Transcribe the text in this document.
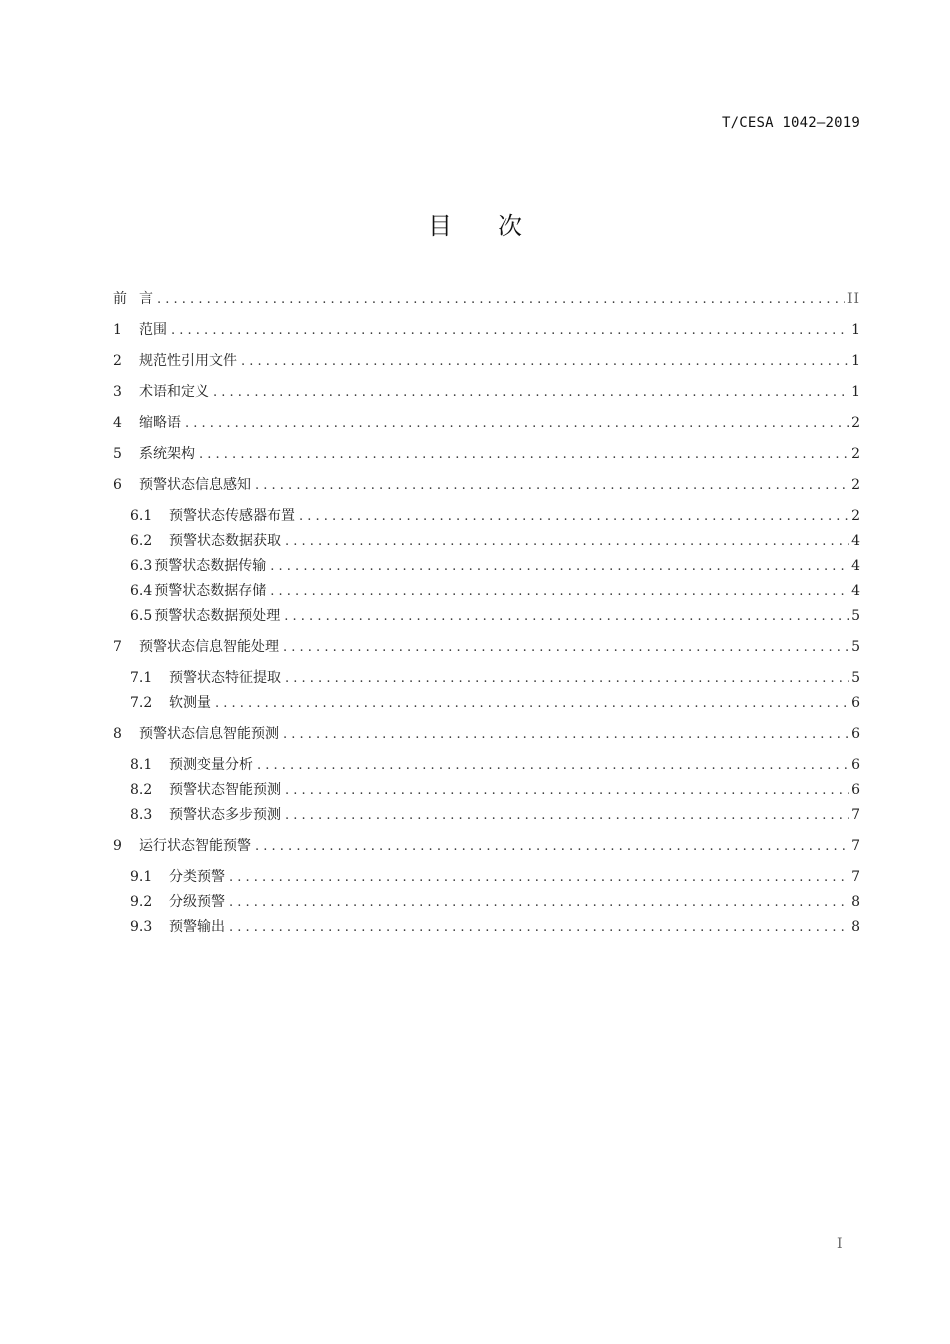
T/CESA 1042—2019
目 次
前 言 . . .	II
1	范围 . . .	1
2	规范性引用文件 . . .	1
3	术语和定义 . . .	1
4	缩略语 . . .	2
5	系统架构 . . .	2
6	预警状态信息感知 . . .	2
6.1	预警状态传感器布置 . . .	2
6.2	预警状态数据获取 . . .	4
6.3 预警状态数据传输 . . .	4
6.4 预警状态数据存储 . . .	4
6.5 预警状态数据预处理 . . .	5
7	预警状态信息智能处理 . . .	5
7.1	预警状态特征提取 . . .	5
7.2	软测量 . . .	6
8	预警状态信息智能预测 . . .	6
8.1	预测变量分析 . . .	6
8.2	预警状态智能预测 . . .	6
8.3	预警状态多步预测 . . .	7
9	运行状态智能预警 . . .	7
9.1	分类预警 . . .	7
9.2	分级预警 . . .	8
9.3	预警输出 . . .	8
I
